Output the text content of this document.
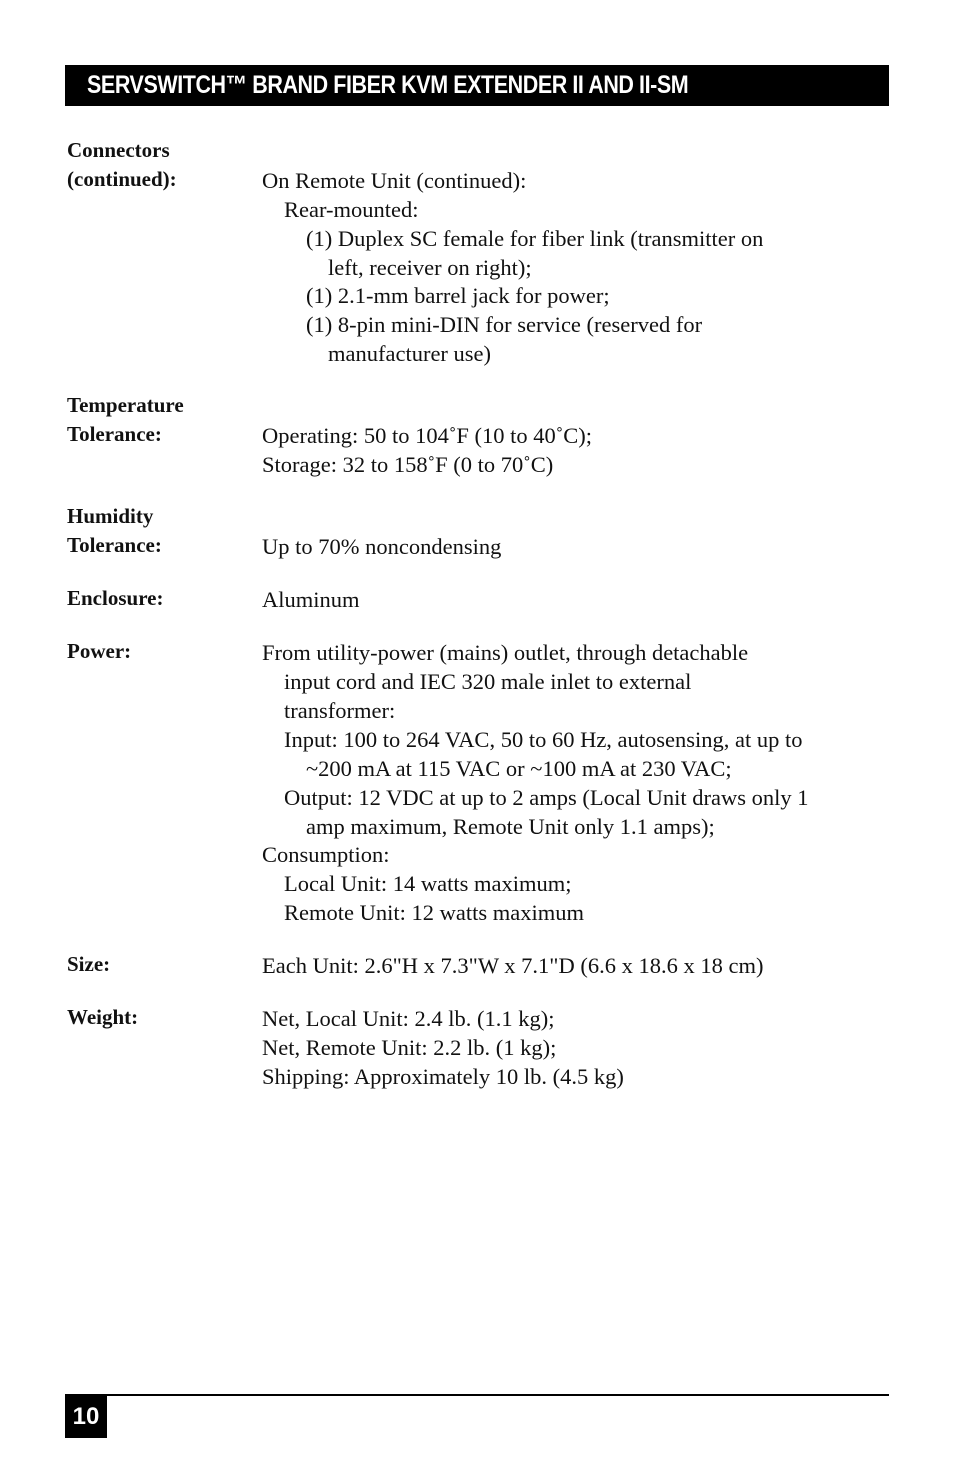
SERVSWITCH™ BRAND FIBER KVM EXTENDER II AND II-SM
Connectors
(continued):	On Remote Unit (continued):
Rear-mounted:
(1) Duplex SC female for fiber link (transmitter on
left, receiver on right);
(1) 2.1-mm barrel jack for power;
(1) 8-pin mini-DIN for service (reserved for
manufacturer use)
Temperature
Tolerance:	Operating: 50 to 104˚F (10 to 40˚C);
Storage: 32 to 158˚F (0 to 70˚C)
Humidity
Tolerance:	Up to 70% noncondensing
Enclosure:	Aluminum
Power:	From utility-power (mains) outlet, through detachable
input cord and IEC 320 male inlet to external
transformer:
Input: 100 to 264 VAC, 50 to 60 Hz, autosensing, at up to
~200 mA at 115 VAC or ~100 mA at 230 VAC;
Output: 12 VDC at up to 2 amps (Local Unit draws only 1
amp maximum, Remote Unit only 1.1 amps);
Consumption:
Local Unit: 14 watts maximum;
Remote Unit: 12 watts maximum
Size:	Each Unit: 2.6"H x 7.3"W x 7.1"D (6.6 x 18.6 x 18 cm)
Weight:	Net, Local Unit: 2.4 lb. (1.1 kg);
Net, Remote Unit: 2.2 lb. (1 kg);
Shipping: Approximately 10 lb. (4.5 kg)
10
